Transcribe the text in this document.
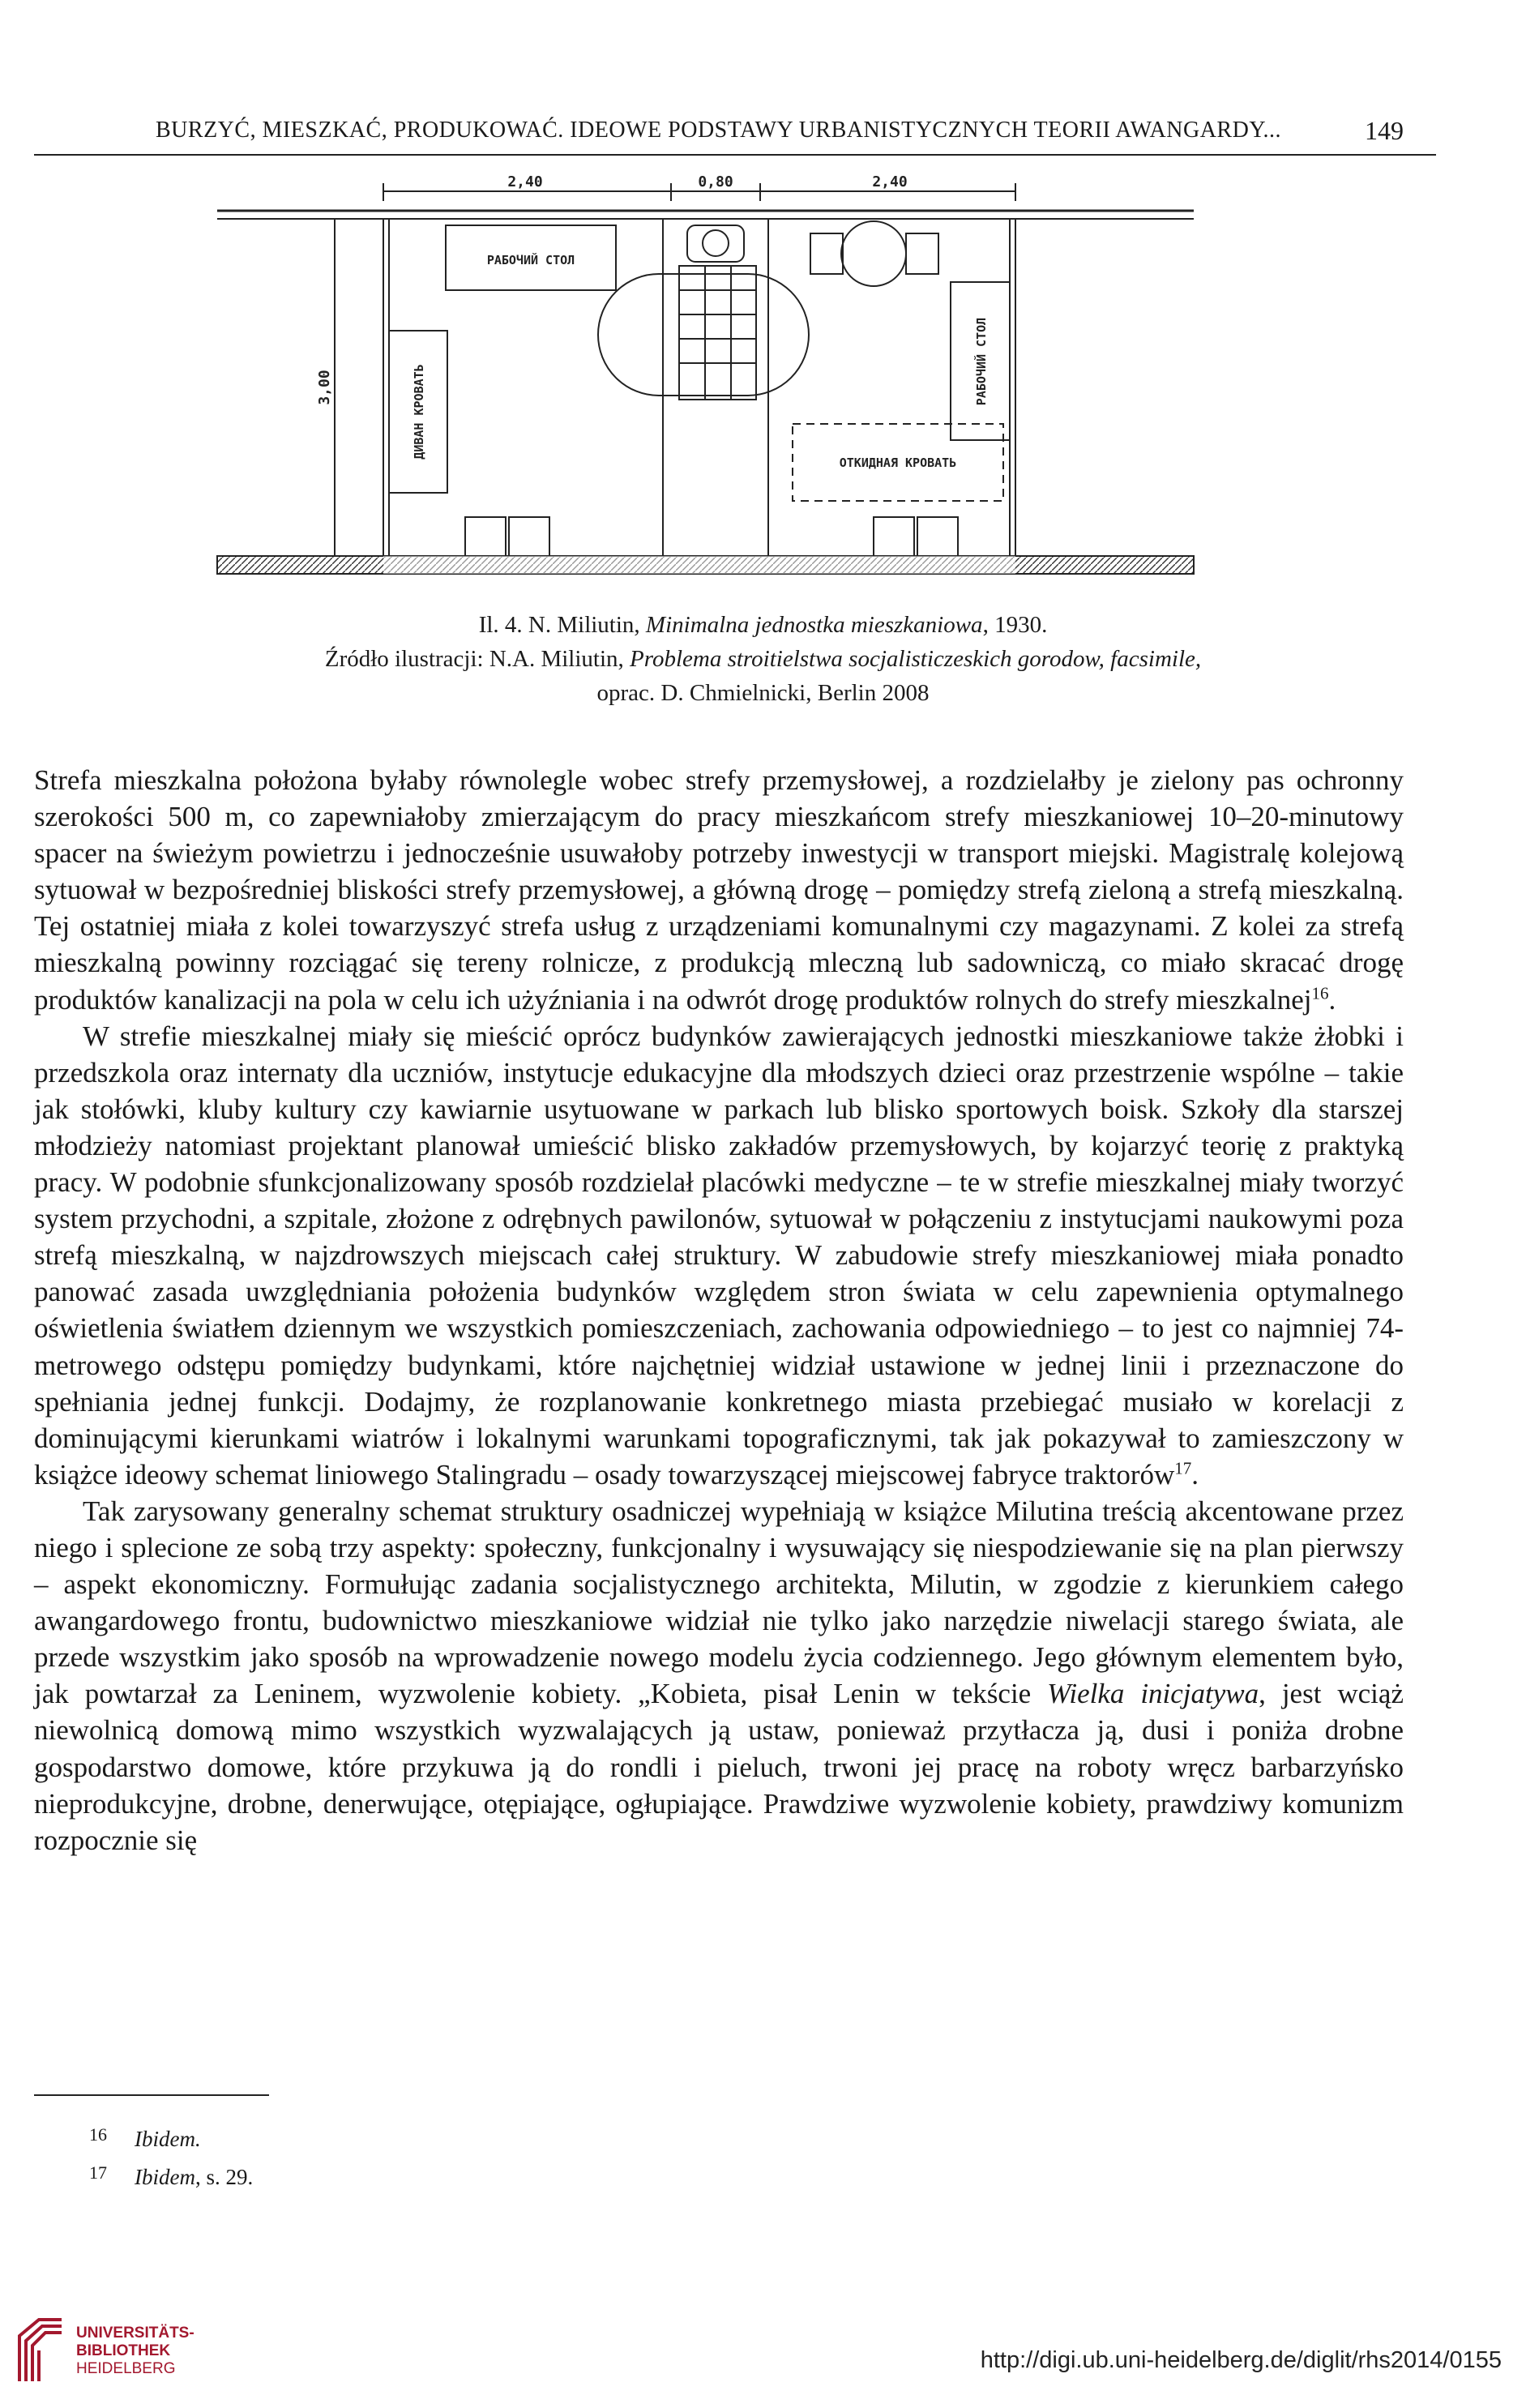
BURZYĆ, MIESZKAĆ, PRODUKOWAĆ. IDEOWE PODSTAWY URBANISTYCZNYCH TEORII AWANGARDY...	149
2,40	0,80	2,40
3,00
РАБОЧИЙ СТОЛ
ДИВАН КРОВАТЬ
РАБОЧИЙ СТОЛ
ОТКИДНАЯ КРОВАТЬ

Il. 4. N. Miliutin, Minimalna jednostka mieszkaniowa, 1930.

Źródło ilustracji: N.A. Miliutin, Problema stroitielstwa socjalisticzeskich gorodow, facsimile,

oprac. D. Chmielnicki, Berlin 2008

Strefa mieszkalna położona byłaby równolegle wobec strefy przemysłowej, a rozdzielałby je zielony pas ochronny szerokości 500 m, co zapewniałoby zmierzającym do pracy mieszkańcom strefy mieszkaniowej 10–20-minutowy spacer na świeżym powietrzu i jednocześnie usuwałoby potrzeby inwestycji w transport miejski. Magistralę kolejową sytuował w bezpośredniej bliskości strefy przemysłowej, a główną drogę – pomiędzy strefą zieloną a strefą mieszkalną. Tej ostatniej miała z kolei towarzyszyć strefa usług z urządzeniami komunalnymi czy magazynami. Z kolei za strefą mieszkalną powinny rozciągać się tereny rolnicze, z produkcją mleczną lub sadowniczą, co miało skracać drogę produktów kanalizacji na pola w celu ich użyźniania i na odwrót drogę produktów rolnych do strefy mieszkalnej$^{16}$.

W strefie mieszkalnej miały się mieścić oprócz budynków zawierających jednostki mieszkaniowe także żłobki i przedszkola oraz internaty dla uczniów, instytucje edukacyjne dla młodszych dzieci oraz przestrzenie wspólne – takie jak stołówki, kluby kultury czy kawiarnie usytuowane w parkach lub blisko sportowych boisk. Szkoły dla starszej młodzieży natomiast projektant planował umieścić blisko zakładów przemysłowych, by kojarzyć teorię z praktyką pracy. W podobnie sfunkcjonalizowany sposób rozdzielał placówki medyczne – te w strefie mieszkalnej miały tworzyć system przychodni, a szpitale, złożone z odrębnych pawilonów, sytuował w połączeniu z instytucjami naukowymi poza strefą mieszkalną, w najzdrowszych miejscach całej struktury. W zabudowie strefy mieszkaniowej miała ponadto panować zasada uwzględniania położenia budynków względem stron świata w celu zapewnienia optymalnego oświetlenia światłem dziennym we wszystkich pomieszczeniach, zachowania odpowiedniego – to jest co najmniej 74-metrowego odstępu pomiędzy budynkami, które najchętniej widział ustawione w jednej linii i przeznaczone do spełniania jednej funkcji. Dodajmy, że rozplanowanie konkretnego miasta przebiegać musiało w korelacji z dominującymi kierunkami wiatrów i lokalnymi warunkami topograficznymi, tak jak pokazywał to zamieszczony w książce ideowy schemat liniowego Stalingradu – osady towarzyszącej miejscowej fabryce traktorów$^{17}$.

Tak zarysowany generalny schemat struktury osadniczej wypełniają w książce Milutina treścią akcentowane przez niego i splecione ze sobą trzy aspekty: społeczny, funkcjonalny i wysuwający się niespodziewanie się na plan pierwszy – aspekt ekonomiczny. Formułując zadania socjalistycznego architekta, Milutin, w zgodzie z kierunkiem całego awangardowego frontu, budownictwo mieszkaniowe widział nie tylko jako narzędzie niwelacji starego świata, ale przede wszystkim jako sposób na wprowadzenie nowego modelu życia codziennego. Jego głównym elementem było, jak powtarzał za Leninem, wyzwolenie kobiety. „Kobieta, pisał Lenin w tekście Wielka inicjatywa, jest wciąż niewolnicą domową mimo wszystkich wyzwalających ją ustaw, ponieważ przytłacza ją, dusi i poniża drobne gospodarstwo domowe, które przykuwa ją do rondli i pieluch, trwoni jej pracę na roboty wręcz barbarzyńsko nieprodukcyjne, drobne, denerwujące, otępiające, ogłupiające. Prawdziwe wyzwolenie kobiety, prawdziwy komunizm rozpocznie się

16 Ibidem.
17 Ibidem, s. 29.
UNIVERSITÄTS-
BIBLIOTHEK
HEIDELBERG	http://digi.ub.uni-heidelberg.de/diglit/rhs2014/0155
